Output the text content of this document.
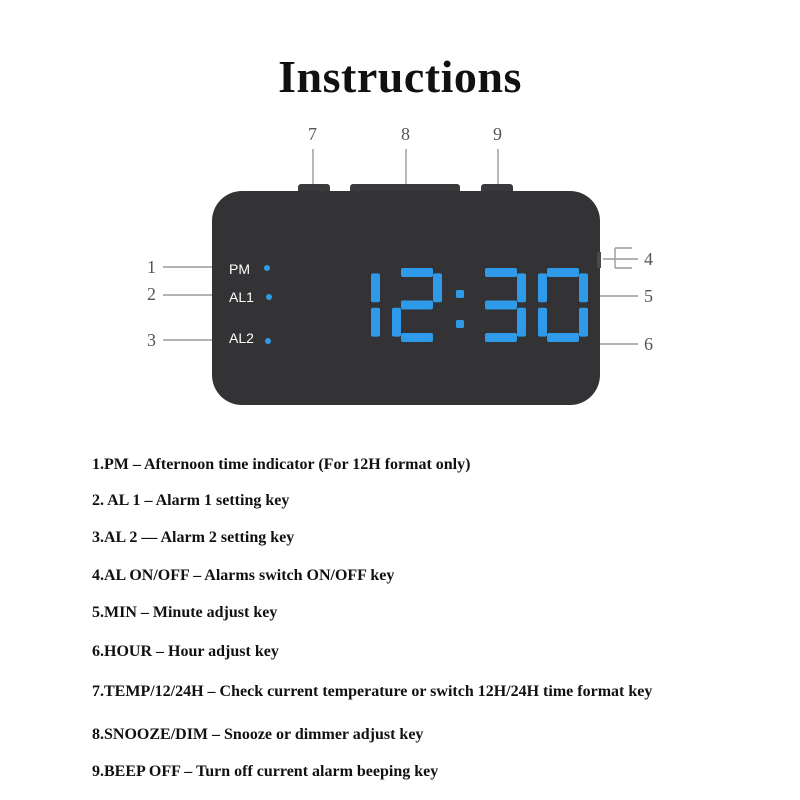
Instructions
PM
AL1
AL2
1
2
3
4
5
6
7	8	9
1.PM – Afternoon time indicator (For 12H format only)
2. AL 1 – Alarm 1 setting key
3.AL 2 — Alarm 2 setting key
4.AL ON/OFF – Alarms switch ON/OFF key
5.MIN – Minute adjust key
6.HOUR – Hour adjust key
7.TEMP/12/24H – Check current temperature or switch 12H/24H time format key
8.SNOOZE/DIM – Snooze or dimmer adjust key
9.BEEP OFF – Turn off current alarm beeping key
